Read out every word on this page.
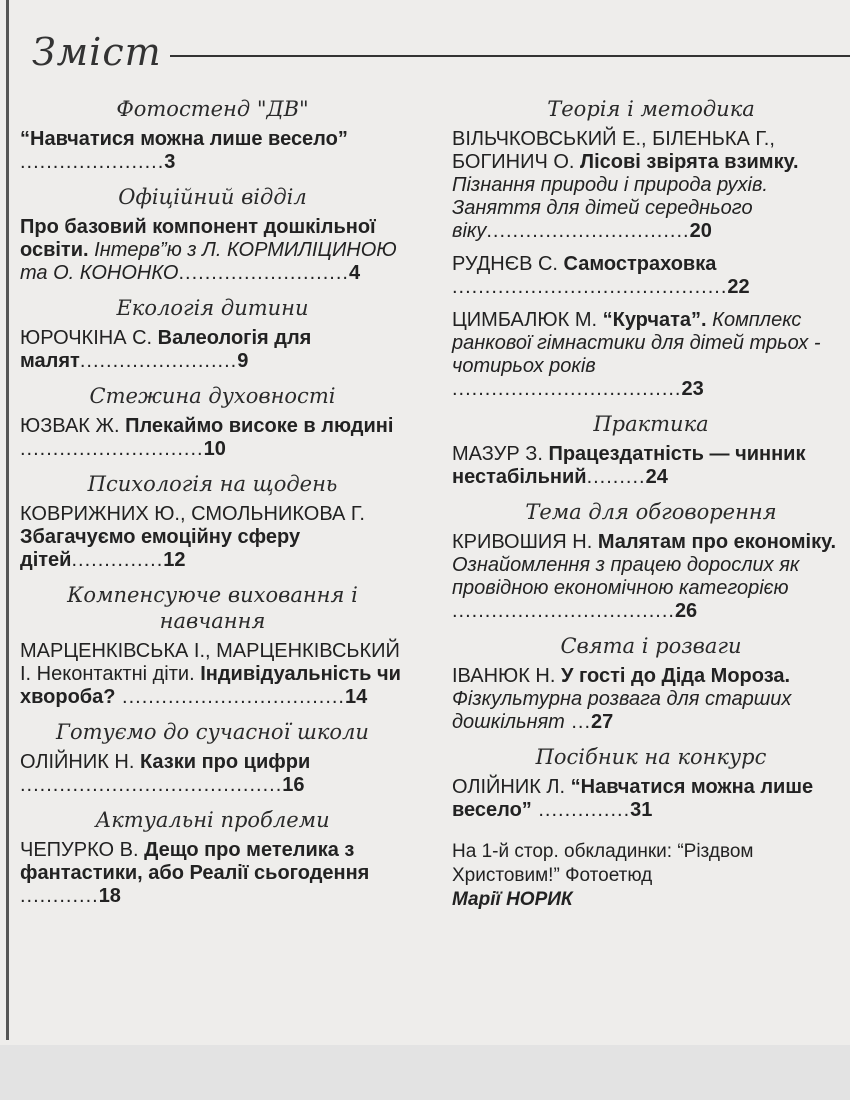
Зміст
Фотостенд "ДВ"
“Навчатися можна лише весело” ......................3
Офіційний відділ
Про базовий компонент дошкільної освіти. Інтерв”ю з Л. КОРМИЛІЦИНОЮ та О. КОНОНКО..........................4
Екологія дитини
ЮРОЧКІНА С. Валеологія для малят........................9
Стежина духовності
ЮЗВАК Ж. Плекаймо високе в людині ............................10
Психологія на щодень
КОВРИЖНИХ Ю., СМОЛЬНИКОВА Г. Збагачуємо емоційну сферу дітей..............12
Компенсуюче виховання і навчання
МАРЦЕНКІВСЬКА І., МАРЦЕНКІВСЬКИЙ І. Неконтактні діти. Індивідуальність чи хвороба? ..................................14
Готуємо до сучасної школи
ОЛІЙНИК Н. Казки про цифри ........................................16
Актуальні проблеми
ЧЕПУРКО В. Дещо про метелика з фантастики, або Реалії сьогодення ............18
Теорія і методика
ВІЛЬЧКОВСЬКИЙ Е., БІЛЕНЬКА Г., БОГИНИЧ О. Лісові звірята взимку. Пізнання природи і природа рухів. Заняття для дітей середнього віку...............................20
РУДНЄВ С. Самостраховка ..........................................22
ЦИМБАЛЮК М. “Курчата”. Комплекс ранкової гімнастики для дітей трьох - чотирьох років ...................................23
Практика
МАЗУР З. Працездатність — чинник нестабільний.........24
Тема для обговорення
КРИВОШИЯ Н. Малятам про економіку. Ознайомлення з працею дорослих як провідною економічною категорією ..................................26
Свята і розваги
ІВАНЮК Н. У гості до Діда Мороза. Фізкультурна розвага для старших дошкільнят ...27
Посібник на конкурс
ОЛІЙНИК Л. “Навчатися можна лише весело” ..............31
На 1-й стор. обкладинки: “Різдвом Христовим!” Фотоетюд
Марії НОРИК
